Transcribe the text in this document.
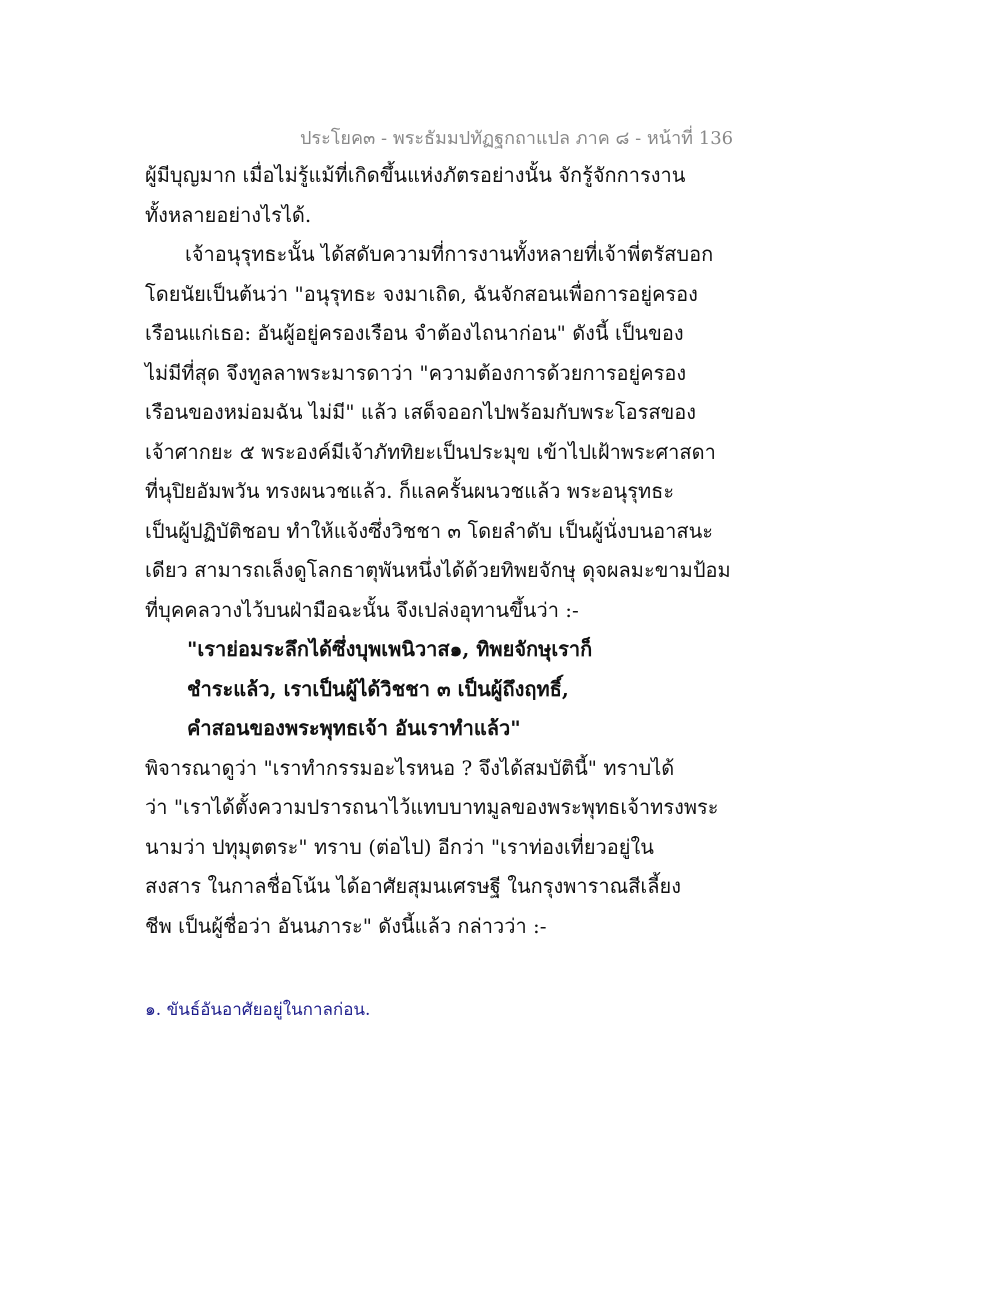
ประโยค๓ - พระธัมมปทัฏฐกถาแปล ภาค ๘ - หน้าที่ 136
ผู้มีบุญมาก เมื่อไม่รู้แม้ที่เกิดขึ้นแห่งภัตรอย่างนั้น จักรู้จักการงาน
ทั้งหลายอย่างไรได้.
เจ้าอนุรุทธะนั้น ได้สดับความที่การงานทั้งหลายที่เจ้าพี่ตรัสบอก
โดยนัยเป็นต้นว่า "อนุรุทธะ จงมาเถิด, ฉันจักสอนเพื่อการอยู่ครอง
เรือนแก่เธอ: อันผู้อยู่ครองเรือน จำต้องไถนาก่อน" ดังนี้ เป็นของ
ไม่มีที่สุด จึงทูลลาพระมารดาว่า "ความต้องการด้วยการอยู่ครอง
เรือนของหม่อมฉัน ไม่มี" แล้ว เสด็จออกไปพร้อมกับพระโอรสของ
เจ้าศากยะ ๕ พระองค์มีเจ้าภัททิยะเป็นประมุข เข้าไปเฝ้าพระศาสดา
ที่นุปิยอัมพวัน ทรงผนวชแล้ว. ก็แลครั้นผนวชแล้ว พระอนุรุทธะ
เป็นผู้ปฏิบัติชอบ ทำให้แจ้งซึ่งวิชชา ๓ โดยลำดับ เป็นผู้นั่งบนอาสนะ
เดียว สามารถเล็งดูโลกธาตุพันหนึ่งได้ด้วยทิพยจักษุ ดุจผลมะขามป้อม
ที่บุคคลวางไว้บนฝ่ามือฉะนั้น จึงเปล่งอุทานขึ้นว่า :-
"เราย่อมระลึกได้ซึ่งบุพเพนิวาส๑, ทิพยจักษุเราก็
ชำระแล้ว, เราเป็นผู้ได้วิชชา ๓ เป็นผู้ถึงฤทธิ์,
คำสอนของพระพุทธเจ้า อันเราทำแล้ว"
พิจารณาดูว่า "เราทำกรรมอะไรหนอ ? จึงได้สมบัตินี้" ทราบได้
ว่า "เราได้ตั้งความปรารถนาไว้แทบบาทมูลของพระพุทธเจ้าทรงพระ
นามว่า ปทุมุตตระ" ทราบ (ต่อไป) อีกว่า "เราท่องเที่ยวอยู่ใน
สงสาร ในกาลชื่อโน้น ได้อาศัยสุมนเศรษฐี ในกรุงพาราณสีเลี้ยง
ชีพ เป็นผู้ชื่อว่า อันนภาระ" ดังนี้แล้ว กล่าวว่า :-
๑. ขันธ์อันอาศัยอยู่ในกาลก่อน.
